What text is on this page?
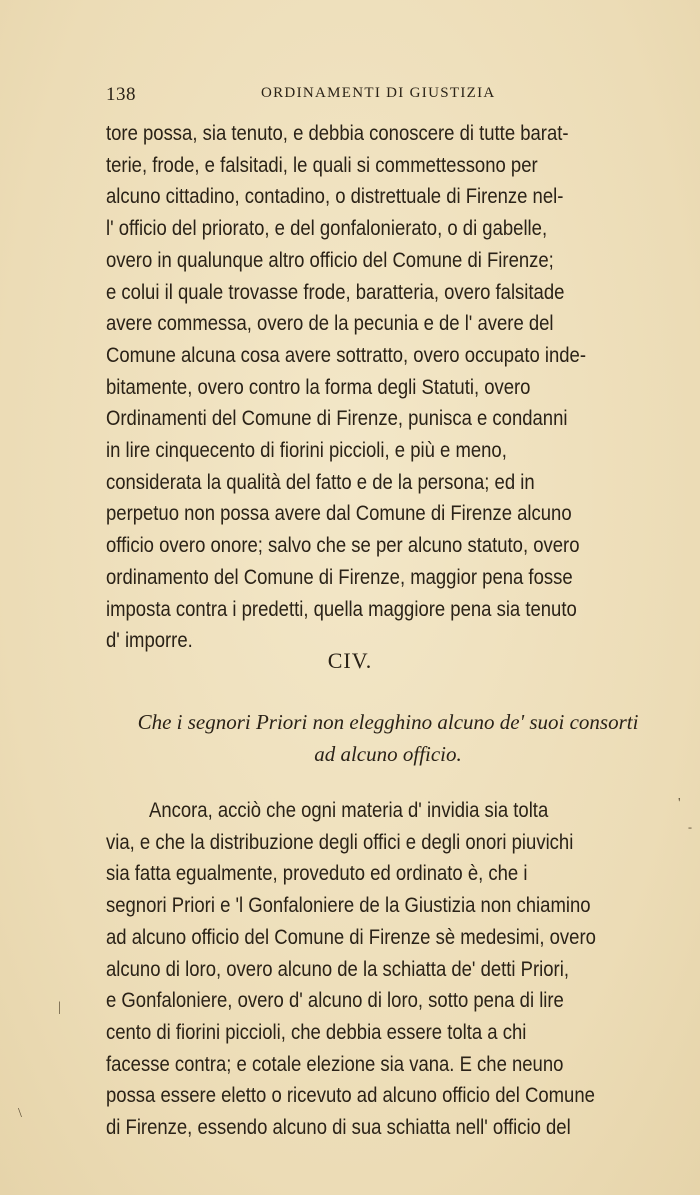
138	ORDINAMENTI DI GIUSTIZIA
tore possa, sia tenuto, e debbia conoscere di tutte barat-
terie, frode, e falsitadi, le quali si commettessono per
alcuno cittadino, contadino, o distrettuale di Firenze nel-
l' officio del priorato, e del gonfalonierato, o di gabelle,
overo in qualunque altro officio del Comune di Firenze;
e colui il quale trovasse frode, baratteria, overo falsitade
avere commessa, overo de la pecunia e de l' avere del
Comune alcuna cosa avere sottratto, overo occupato inde-
bitamente, overo contro la forma degli Statuti, overo
Ordinamenti del Comune di Firenze, punisca e condanni
in lire cinquecento di fiorini piccioli, e più e meno,
considerata la qualità del fatto e de la persona; ed in
perpetuo non possa avere dal Comune di Firenze alcuno
officio overo onore; salvo che se per alcuno statuto, overo
ordinamento del Comune di Firenze, maggior pena fosse
imposta contra i predetti, quella maggiore pena sia tenuto
d' imporre.
CIV.
Che i segnori Priori non elegghino alcuno de' suoi consorti
ad alcuno officio.
Ancora, acciò che ogni materia d' invidia sia tolta
via, e che la distribuzione degli offici e degli onori piuvichi
sia fatta egualmente, proveduto ed ordinato è, che i
segnori Priori e 'l Gonfaloniere de la Giustizia non chiamino
ad alcuno officio del Comune di Firenze sè medesimi, overo
alcuno di loro, overo alcuno de la schiatta de' detti Priori,
e Gonfaloniere, overo d' alcuno di loro, sotto pena di lire
cento di fiorini piccioli, che debbia essere tolta a chi
facesse contra; e cotale elezione sia vana. E che neuno
possa essere eletto o ricevuto ad alcuno officio del Comune
di Firenze, essendo alcuno di sua schiatta nell' officio del
'
-
|
\
